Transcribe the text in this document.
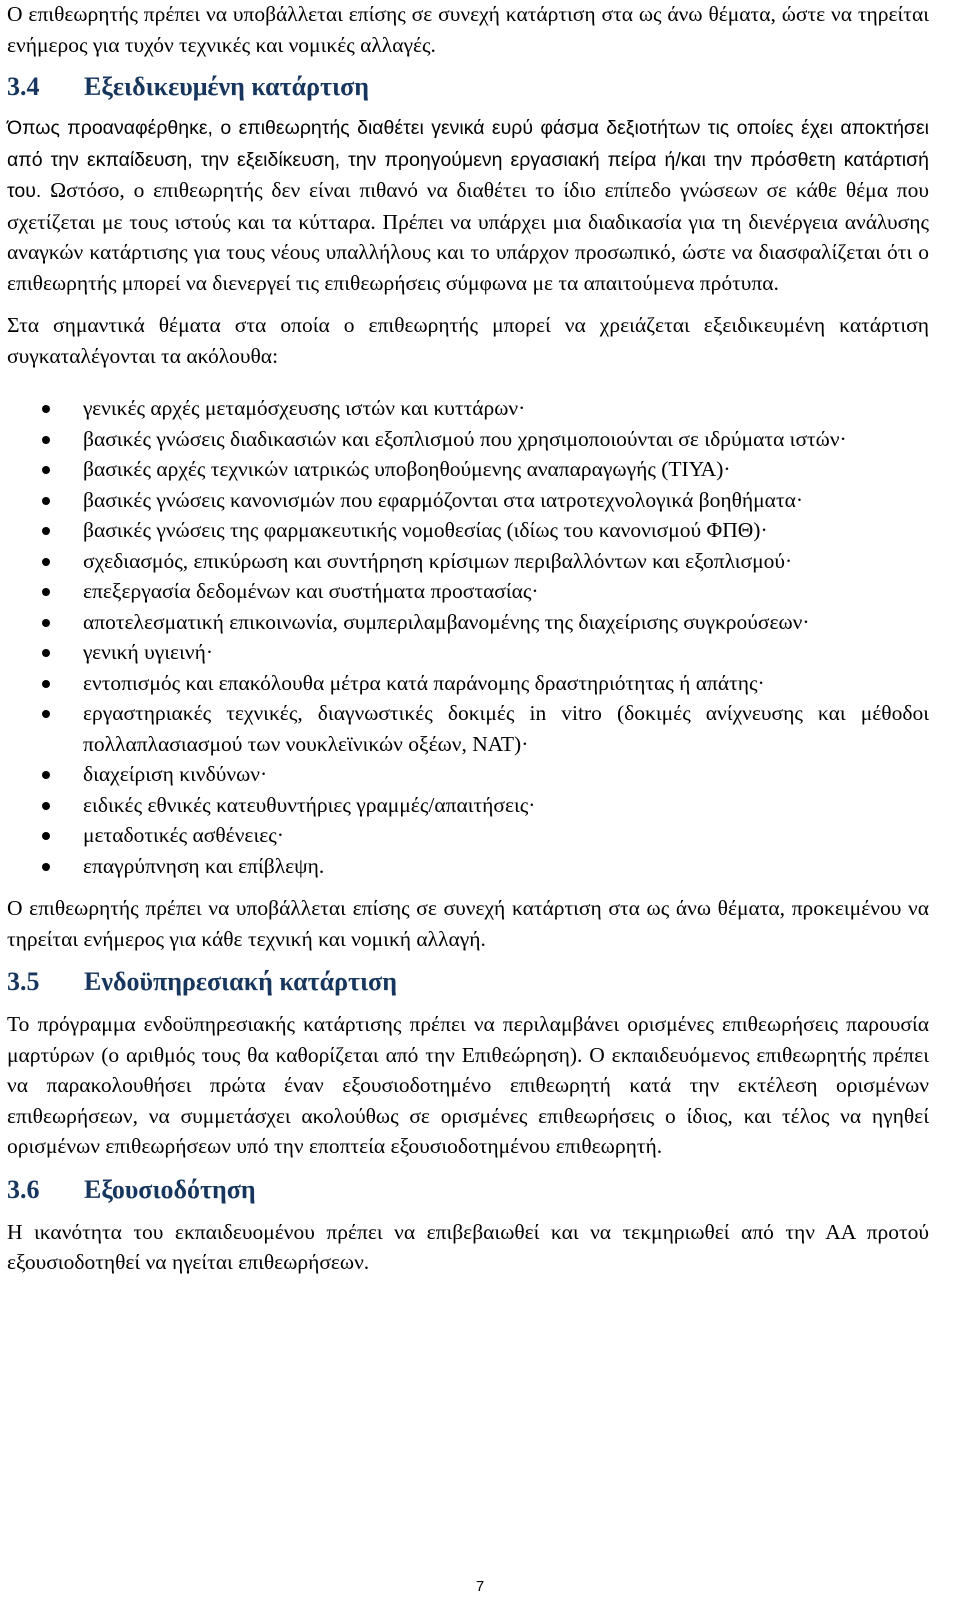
Ο επιθεωρητής πρέπει να υποβάλλεται επίσης σε συνεχή κατάρτιση στα ως άνω θέματα, ώστε να τηρείται ενήμερος για τυχόν τεχνικές και νομικές αλλαγές.

3.4	Εξειδικευμένη κατάρτιση

Όπως προαναφέρθηκε, ο επιθεωρητής διαθέτει γενικά ευρύ φάσμα δεξιοτήτων τις οποίες έχει αποκτήσει από την εκπαίδευση, την εξειδίκευση, την προηγούμενη εργασιακή πείρα ή/και την πρόσθετη κατάρτισή του. Ωστόσο, ο επιθεωρητής δεν είναι πιθανό να διαθέτει το ίδιο επίπεδο γνώσεων σε κάθε θέμα που σχετίζεται με τους ιστούς και τα κύτταρα. Πρέπει να υπάρχει μια διαδικασία για τη διενέργεια ανάλυσης αναγκών κατάρτισης για τους νέους υπαλλήλους και το υπάρχον προσωπικό, ώστε να διασφαλίζεται ότι ο επιθεωρητής μπορεί να διενεργεί τις επιθεωρήσεις σύμφωνα με τα απαιτούμενα πρότυπα.

Στα σημαντικά θέματα στα οποία ο επιθεωρητής μπορεί να χρειάζεται εξειδικευμένη κατάρτιση συγκαταλέγονται τα ακόλουθα:

γενικές αρχές μεταμόσχευσης ιστών και κυττάρων·
βασικές γνώσεις διαδικασιών και εξοπλισμού που χρησιμοποιούνται σε ιδρύματα ιστών·
βασικές αρχές τεχνικών ιατρικώς υποβοηθούμενης αναπαραγωγής (ΤΙΥΑ)·
βασικές γνώσεις κανονισμών που εφαρμόζονται στα ιατροτεχνολογικά βοηθήματα·
βασικές γνώσεις της φαρμακευτικής νομοθεσίας (ιδίως του κανονισμού ΦΠΘ)·
σχεδιασμός, επικύρωση και συντήρηση κρίσιμων περιβαλλόντων και εξοπλισμού·
επεξεργασία δεδομένων και συστήματα προστασίας·
αποτελεσματική επικοινωνία, συμπεριλαμβανομένης της διαχείρισης συγκρούσεων·
γενική υγιεινή·
εντοπισμός και επακόλουθα μέτρα κατά παράνομης δραστηριότητας ή απάτης·
εργαστηριακές τεχνικές, διαγνωστικές δοκιμές in vitro (δοκιμές ανίχνευσης και μέθοδοι πολλαπλασιασμού των νουκλεϊνικών οξέων, NAT)·
διαχείριση κινδύνων·
ειδικές εθνικές κατευθυντήριες γραμμές/απαιτήσεις·
μεταδοτικές ασθένειες·
επαγρύπνηση και επίβλεψη.

Ο επιθεωρητής πρέπει να υποβάλλεται επίσης σε συνεχή κατάρτιση στα ως άνω θέματα, προκειμένου να τηρείται ενήμερος για κάθε τεχνική και νομική αλλαγή.

3.5	Ενδοϋπηρεσιακή κατάρτιση

Το πρόγραμμα ενδοϋπηρεσιακής κατάρτισης πρέπει να περιλαμβάνει ορισμένες επιθεωρήσεις παρουσία μαρτύρων (ο αριθμός τους θα καθορίζεται από την Επιθεώρηση). Ο εκπαιδευόμενος επιθεωρητής πρέπει να παρακολουθήσει πρώτα έναν εξουσιοδοτημένο επιθεωρητή κατά την εκτέλεση ορισμένων επιθεωρήσεων, να συμμετάσχει ακολούθως σε ορισμένες επιθεωρήσεις ο ίδιος, και τέλος να ηγηθεί ορισμένων επιθεωρήσεων υπό την εποπτεία εξουσιοδοτημένου επιθεωρητή.

3.6	Εξουσιοδότηση

Η ικανότητα του εκπαιδευομένου πρέπει να επιβεβαιωθεί και να τεκμηριωθεί από την ΑΑ προτού εξουσιοδοτηθεί να ηγείται επιθεωρήσεων.

7
